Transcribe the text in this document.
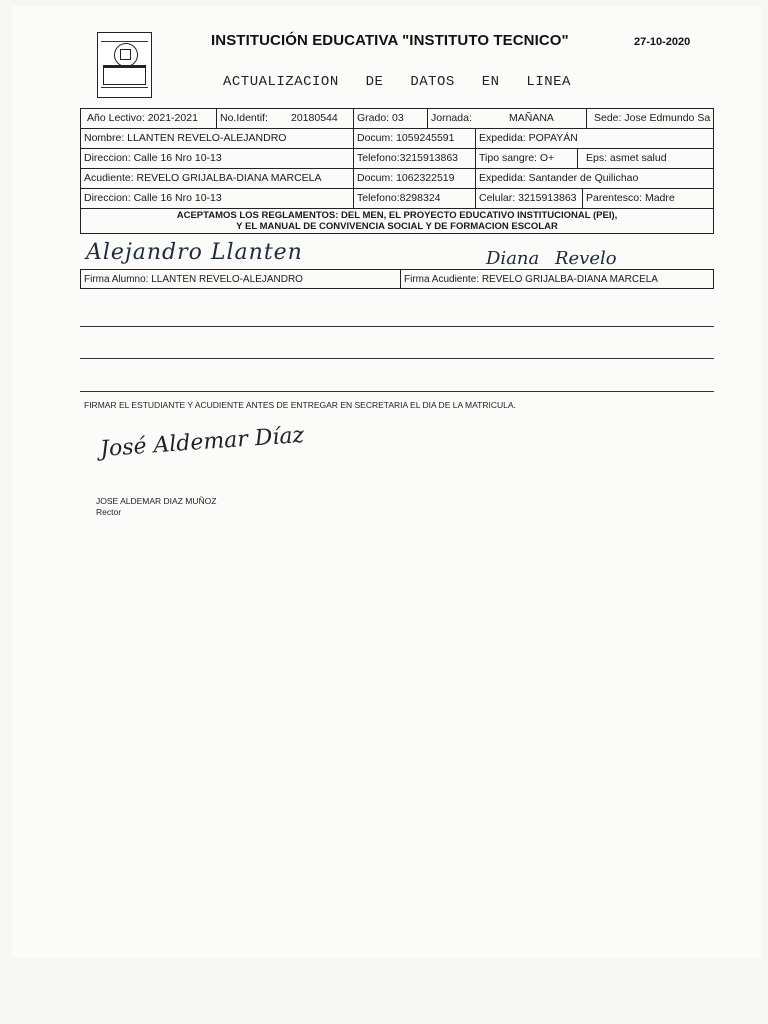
INSTITUCIÓN EDUCATIVA "INSTITUTO TECNICO"	27-10-2020
ACTUALIZACION DE DATOS EN LINEA
Año Lectivo: 2021-2021	No.Identif:	20180544	Grado: 03	Jornada:	MAÑANA	Sede: Jose Edmundo Sa
Nombre: LLANTEN REVELO-ALEJANDRO	Docum: 1059245591	Expedida: POPAYÁN
Direccion: Calle 16 Nro 10-13	Telefono:3215913863	Tipo sangre: O+	Eps: asmet salud
Acudiente: REVELO GRIJALBA-DIANA MARCELA	Docum: 1062322519	Expedida: Santander de Quilichao
Direccion: Calle 16 Nro 10-13	Telefono:8298324	Celular: 3215913863 Parentesco: Madre
ACEPTAMOS LOS REGLAMENTOS: DEL MEN, EL PROYECTO EDUCATIVO INSTITUCIONAL (PEI),
Y EL MANUAL DE CONVIVENCIA SOCIAL Y DE FORMACION ESCOLAR
Alejandro Llanten	Diana Revelo
Firma Alumno: LLANTEN REVELO-ALEJANDRO	Firma Acudiente: REVELO GRIJALBA-DIANA MARCELA
FIRMAR EL ESTUDIANTE Y ACUDIENTE ANTES DE ENTREGAR EN SECRETARIA EL DIA DE LA MATRICULA.
José Aldemar Díaz
JOSE ALDEMAR DIAZ MUÑOZ
Rector
